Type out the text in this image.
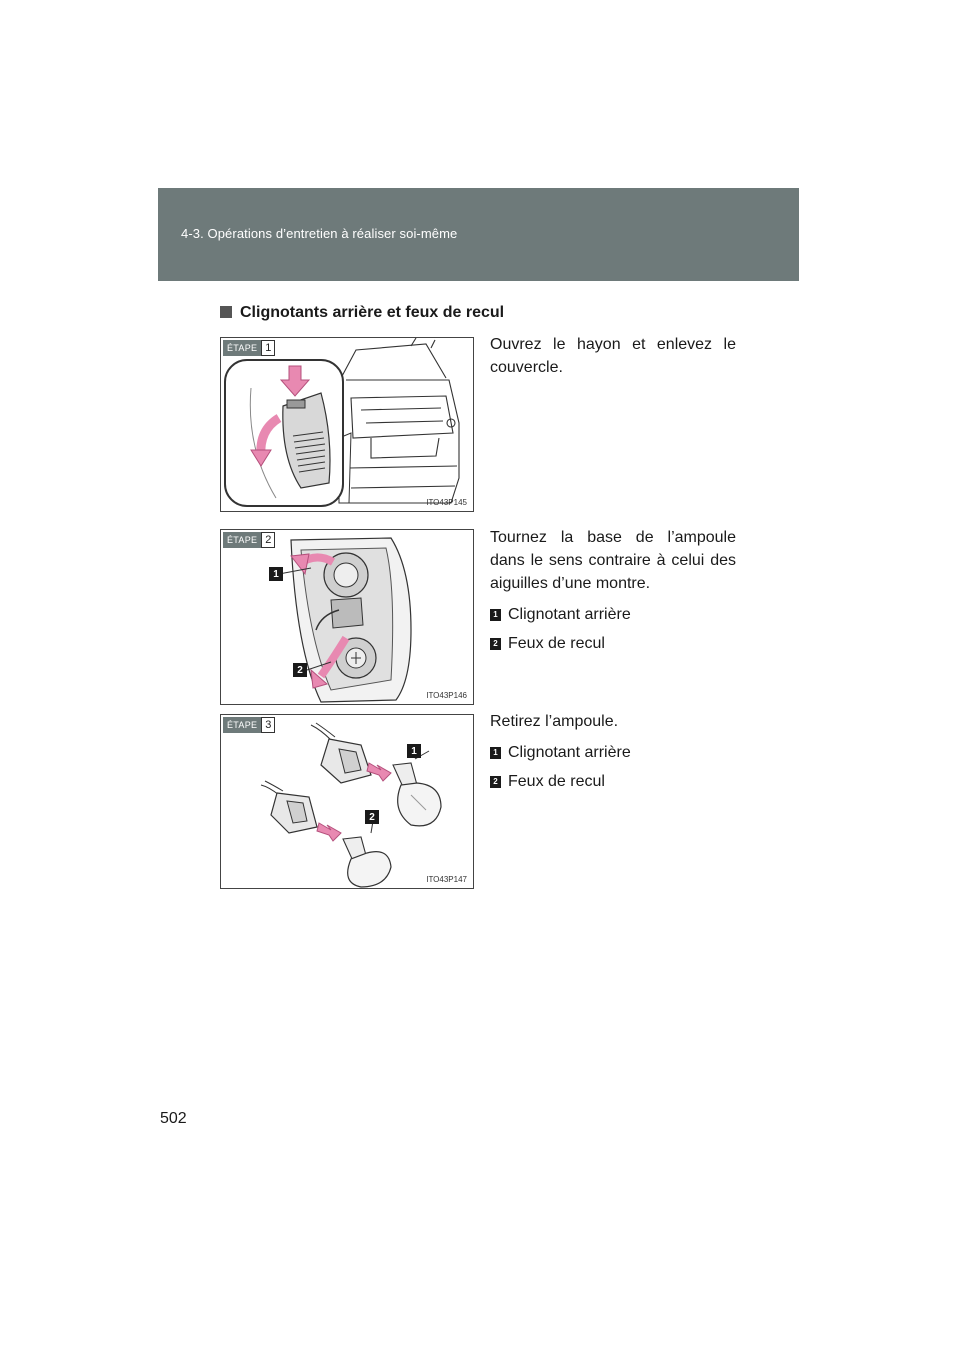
4-3. Opérations d’entretien à réaliser soi-même
Clignotants arrière et feux de recul
ÉTAPE 1
ITO43P145

Ouvrez le hayon et enlevez le couvercle.

ÉTAPE 2
1
2
ITO43P146

Tournez la base de l’ampoule dans le sens contraire à celui des aiguilles d’une montre.

1 Clignotant arrière
2 Feux de recul
ÉTAPE 3
1
2
ITO43P147

Retirez l’ampoule.

1 Clignotant arrière
2 Feux de recul
502
